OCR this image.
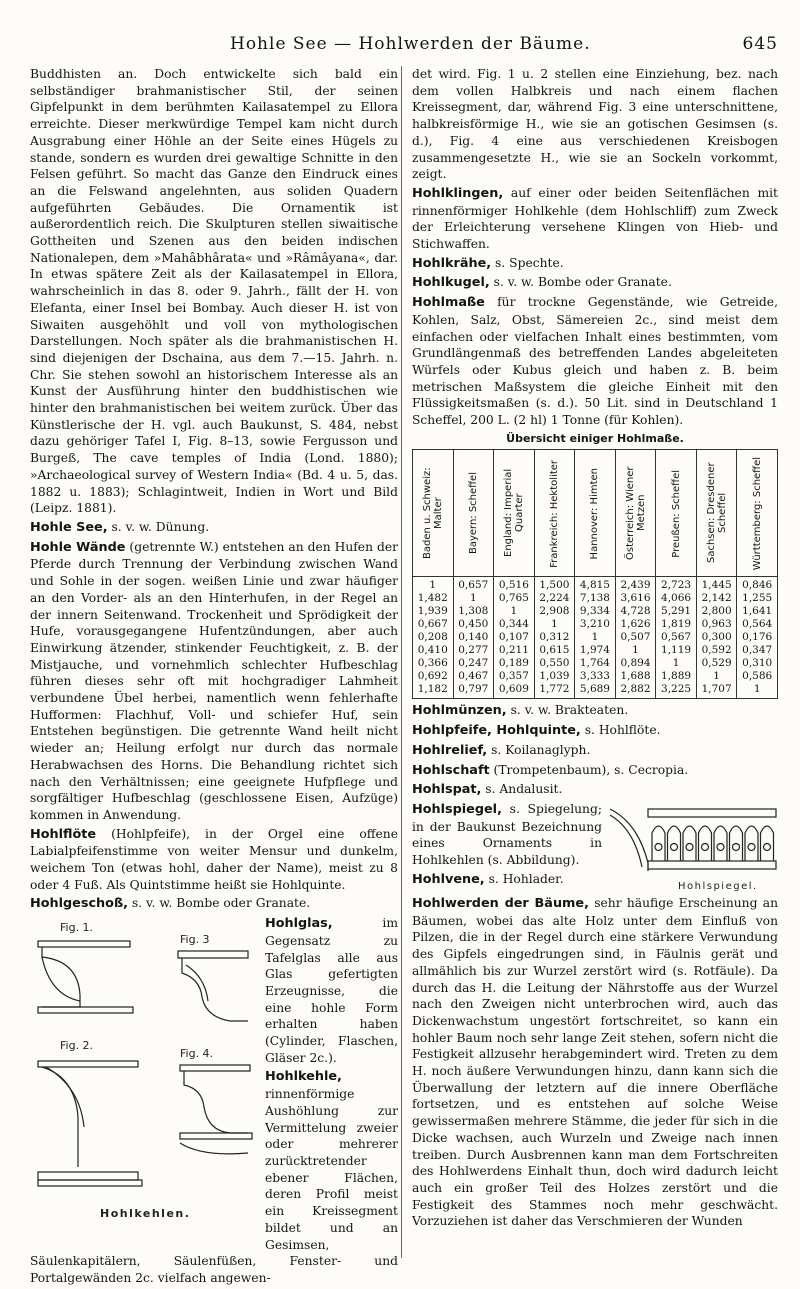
Hohle See — Hohlwerden der Bäume.	645

Buddhisten an. Doch entwickelte sich bald ein selbständiger brahmanistischer Stil, der seinen Gipfelpunkt in dem berühmten Kailasatempel zu Ellora erreichte. Dieser merkwürdige Tempel kam nicht durch Ausgrabung einer Höhle an der Seite eines Hügels zu stande, sondern es wurden drei gewaltige Schnitte in den Felsen geführt. So macht das Ganze den Eindruck eines an die Felswand angelehnten, aus soliden Quadern aufgeführten Gebäudes. Die Ornamentik ist außerordentlich reich. Die Skulpturen stellen siwaitische Gottheiten und Szenen aus den beiden indischen Nationalepen, dem »Mahâbhârata« und »Râmâyana«, dar. In etwas spätere Zeit als der Kailasatempel in Ellora, wahrscheinlich in das 8. oder 9. Jahrh., fällt der H. von Elefanta, einer Insel bei Bombay. Auch dieser H. ist von Siwaiten ausgehöhlt und voll von mythologischen Darstellungen. Noch später als die brahmanistischen H. sind diejenigen der Dschaina, aus dem 7.—15. Jahrh. n. Chr. Sie stehen sowohl an historischem Interesse als an Kunst der Ausführung hinter den buddhistischen wie hinter den brahmanistischen bei weitem zurück. Über das Künstlerische der H. vgl. auch Baukunst, S. 484, nebst dazu gehöriger Tafel I, Fig. 8–13, sowie Fergusson und Burgeß, The cave temples of India (Lond. 1880); »Archaeological survey of Western India« (Bd. 4 u. 5, das. 1882 u. 1883); Schlagintweit, Indien in Wort und Bild (Leipz. 1881).

Hohle See, s. v. w. Dünung.

Hohle Wände (getrennte W.) entstehen an den Hufen der Pferde durch Trennung der Verbindung zwischen Wand und Sohle in der sogen. weißen Linie und zwar häufiger an den Vorder- als an den Hinterhufen, in der Regel an der innern Seitenwand. Trockenheit und Sprödigkeit der Hufe, vorausgegangene Hufentzündungen, aber auch Einwirkung ätzender, stinkender Feuchtigkeit, z. B. der Mistjauche, und vornehmlich schlechter Hufbeschlag führen dieses sehr oft mit hochgradiger Lahmheit verbundene Übel herbei, namentlich wenn fehlerhafte Hufformen: Flachhuf, Voll- und schiefer Huf, sein Entstehen begünstigen. Die getrennte Wand heilt nicht wieder an; Heilung erfolgt nur durch das normale Herabwachsen des Horns. Die Behandlung richtet sich nach den Verhältnissen; eine geeignete Hufpflege und sorgfältiger Hufbeschlag (geschlossene Eisen, Aufzüge) kommen in Anwendung.

Hohlflöte (Hohlpfeife), in der Orgel eine offene Labialpfeifenstimme von weiter Mensur und dunkelm, weichem Ton (etwas hohl, daher der Name), meist zu 8 oder 4 Fuß. Als Quintstimme heißt sie Hohlquinte.

Hohlgeschoß, s. v. w. Bombe oder Granate.

Fig. 1.
Fig. 2.
Fig. 3
Fig. 4.
Hohlkehlen.

Hohlglas, im Gegensatz zu Tafelglas alle aus Glas gefertigten Erzeugnisse, die eine hohle Form erhalten haben (Cylinder, Flaschen, Gläser 2c.).

Hohlkehle, rinnenförmige Aushöhlung zur Vermittelung zweier oder mehrerer zurücktretender ebener Flächen, deren Profil meist ein Kreissegment bildet und an Gesimsen, Säulenkapitälern, Säulenfüßen, Fenster- und Portalgewänden 2c. vielfach angewen-

det wird. Fig. 1 u. 2 stellen eine Einziehung, bez. nach dem vollen Halbkreis und nach einem flachen Kreissegment, dar, während Fig. 3 eine unterschnittene, halbkreisförmige H., wie sie an gotischen Gesimsen (s. d.), Fig. 4 eine aus verschiedenen Kreisbogen zusammengesetzte H., wie sie an Sockeln vorkommt, zeigt.

Hohlklingen, auf einer oder beiden Seitenflächen mit rinnenförmiger Hohlkehle (dem Hohlschliff) zum Zweck der Erleichterung versehene Klingen von Hieb- und Stichwaffen.

Hohlkrähe, s. Spechte.

Hohlkugel, s. v. w. Bombe oder Granate.

Hohlmaße für trockne Gegenstände, wie Getreide, Kohlen, Salz, Obst, Sämereien 2c., sind meist dem einfachen oder vielfachen Inhalt eines bestimmten, vom Grundlängenmaß des betreffenden Landes abgeleiteten Würfels oder Kubus gleich und haben z. B. beim metrischen Maßsystem die gleiche Einheit mit den Flüssigkeitsmaßen (s. d.). 50 Lit. sind in Deutschland 1 Scheffel, 200 L. (2 hl) 1 Tonne (für Kohlen).

Übersicht einiger Hohlmaße.
Baden u. Schweiz: Malter	Bayern: Scheffel	England: Imperial Quarter	Frankreich: Hektoliter	Hannover: Himten	Österreich: Wiener Metzen	Preußen: Scheffel	Sachsen: Dresdener Scheffel	Württemberg: Scheffel

1	0,657	0,516	1,500	4,815	2,439	2,723	1,445	0,846
1,482	1	0,765	2,224	7,138	3,616	4,066	2,142	1,255
1,939	1,308	1	2,908	9,334	4,728	5,291	2,800	1,641
0,667	0,450	0,344	1	3,210	1,626	1,819	0,963	0,564
0,208	0,140	0,107	0,312	1	0,507	0,567	0,300	0,176
0,410	0,277	0,211	0,615	1,974	1	1,119	0,592	0,347
0,366	0,247	0,189	0,550	1,764	0,894	1	0,529	0,310
0,692	0,467	0,357	1,039	3,333	1,688	1,889	1	0,586
1,182	0,797	0,609	1,772	5,689	2,882	3,225	1,707	1

Hohlmünzen, s. v. w. Brakteaten.

Hohlpfeife, Hohlquinte, s. Hohlflöte.

Hohlrelief, s. Koilanaglyph.

Hohlschaft (Trompetenbaum), s. Cecropia.

Hohlspat, s. Andalusit.

Hohlspiegel.

Hohlspiegel, s. Spiegelung; in der Baukunst Bezeichnung eines Ornaments in Hohlkehlen (s. Abbildung).

Hohlvene, s. Hohlader.

Hohlwerden der Bäume, sehr häufige Erscheinung an Bäumen, wobei das alte Holz unter dem Einfluß von Pilzen, die in der Regel durch eine stärkere Verwundung des Gipfels eingedrungen sind, in Fäulnis gerät und allmählich bis zur Wurzel zerstört wird (s. Rotfäule). Da durch das H. die Leitung der Nährstoffe aus der Wurzel nach den Zweigen nicht unterbrochen wird, auch das Dickenwachstum ungestört fortschreitet, so kann ein hohler Baum noch sehr lange Zeit stehen, sofern nicht die Festigkeit allzusehr herabgemindert wird. Treten zu dem H. noch äußere Verwundungen hinzu, dann kann sich die Überwallung der letztern auf die innere Oberfläche fortsetzen, und es entstehen auf solche Weise gewissermaßen mehrere Stämme, die jeder für sich in die Dicke wachsen, auch Wurzeln und Zweige nach innen treiben. Durch Ausbrennen kann man dem Fortschreiten des Hohlwerdens Einhalt thun, doch wird dadurch leicht auch ein großer Teil des Holzes zerstört und die Festigkeit des Stammes noch mehr geschwächt. Vorzuziehen ist daher das Verschmieren der Wunden
